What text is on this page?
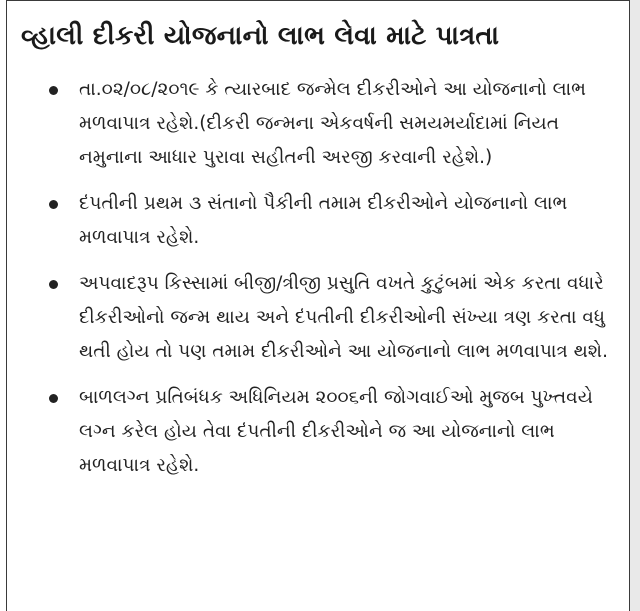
વ્હાલી દીકરી યોજનાનો લાભ લેવા માટે પાત્રતા
તા.૦૨/૦૮/૨૦૧૯ કે ત્યારબાદ જન્મેલ દીકરીઓને આ યોજનાનો લાભ મળવાપાત્ર રહેશે.(દીકરી જન્મના એકવર્ષની સમયમર્યાદામાં નિયત નમુનાના આધાર પુરાવા સહીતની અરજી કરવાની રહેશે.)
દંપતીની પ્રથમ ૩ સંતાનો પૈકીની તમામ દીકરીઓને યોજનાનો લાભ મળવાપાત્ર રહેશે.
અપવાદરૂપ કિસ્સામાં બીજી/ત્રીજી પ્રસુતિ વખતે કુટુંબમાં એક કરતા વધારે દીકરીઓનો જન્મ થાય અને દંપતીની દીકરીઓની સંખ્યા ત્રણ કરતા વધુ થતી હોય તો પણ તમામ દીકરીઓને આ યોજનાનો લાભ મળવાપાત્ર થશે.
બાળલગ્ન પ્રતિબંધક અધિનિયમ ૨૦૦૬ની જોગવાઈઓ મુજબ પુખ્તવયે લગ્ન કરેલ હોય તેવા દંપતીની દીકરીઓને જ આ યોજનાનો લાભ મળવાપાત્ર રહેશે.
